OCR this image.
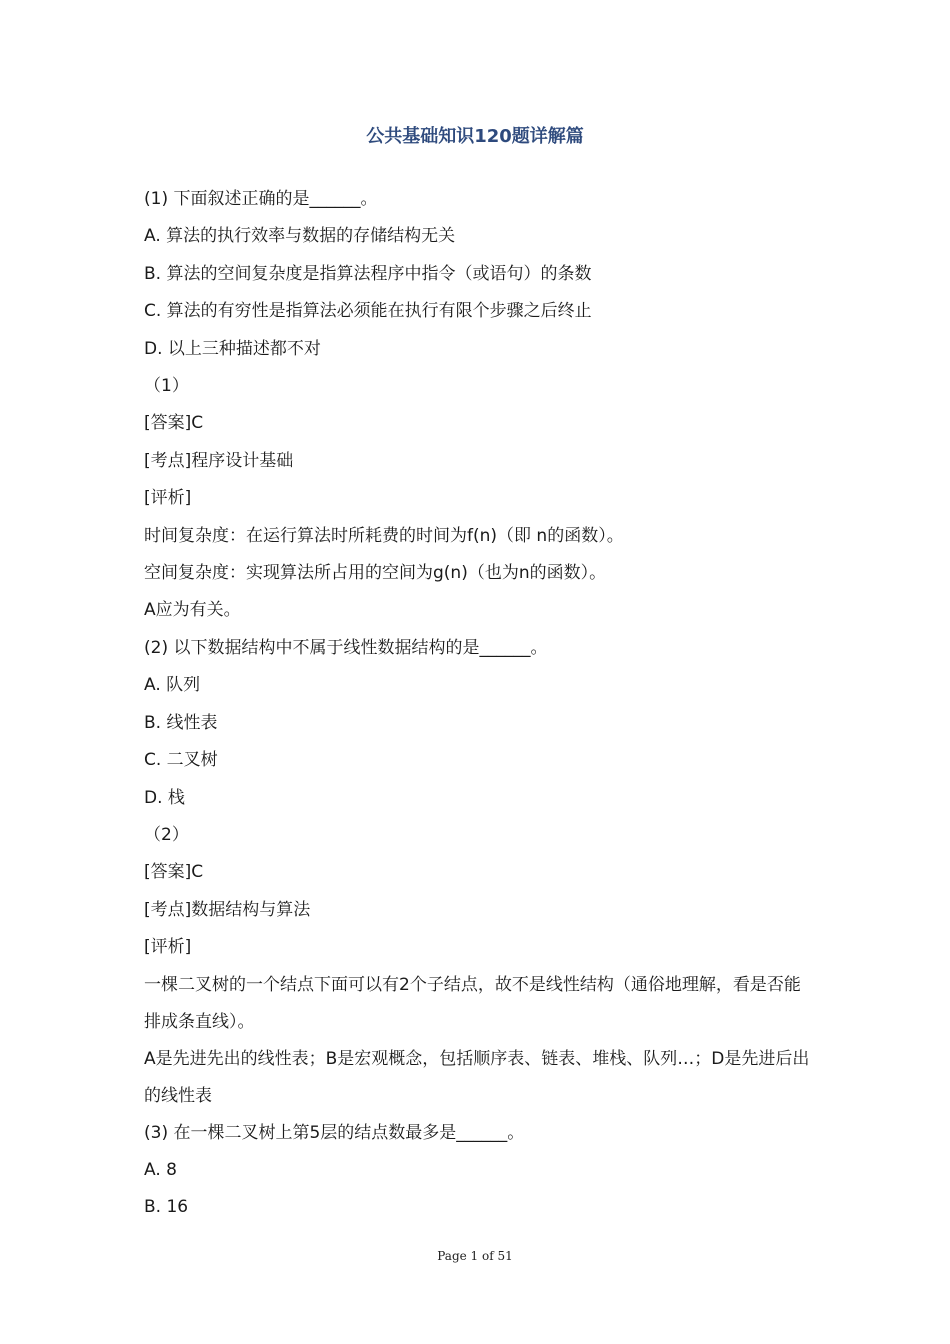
公共基础知识120题详解篇

(1) 下面叙述正确的是______。

A. 算法的执行效率与数据的存储结构无关

B. 算法的空间复杂度是指算法程序中指令（或语句）的条数

C. 算法的有穷性是指算法必须能在执行有限个步骤之后终止

D. 以上三种描述都不对

（1）

[答案]C

[考点]程序设计基础

[评析]

时间复杂度：在运行算法时所耗费的时间为f(n)（即 n的函数）。

空间复杂度：实现算法所占用的空间为g(n)（也为n的函数）。

A应为有关。

(2) 以下数据结构中不属于线性数据结构的是______。

A. 队列

B. 线性表

C. 二叉树

D. 栈

（2）

[答案]C

[考点]数据结构与算法

[评析]

一棵二叉树的一个结点下面可以有2个子结点，故不是线性结构（通俗地理解，看是否能排成条直线）。

A是先进先出的线性表；B是宏观概念，包括顺序表、链表、堆栈、队列…；D是先进后出的线性表

(3) 在一棵二叉树上第5层的结点数最多是______。

A. 8

B. 16

Page 1 of 51
